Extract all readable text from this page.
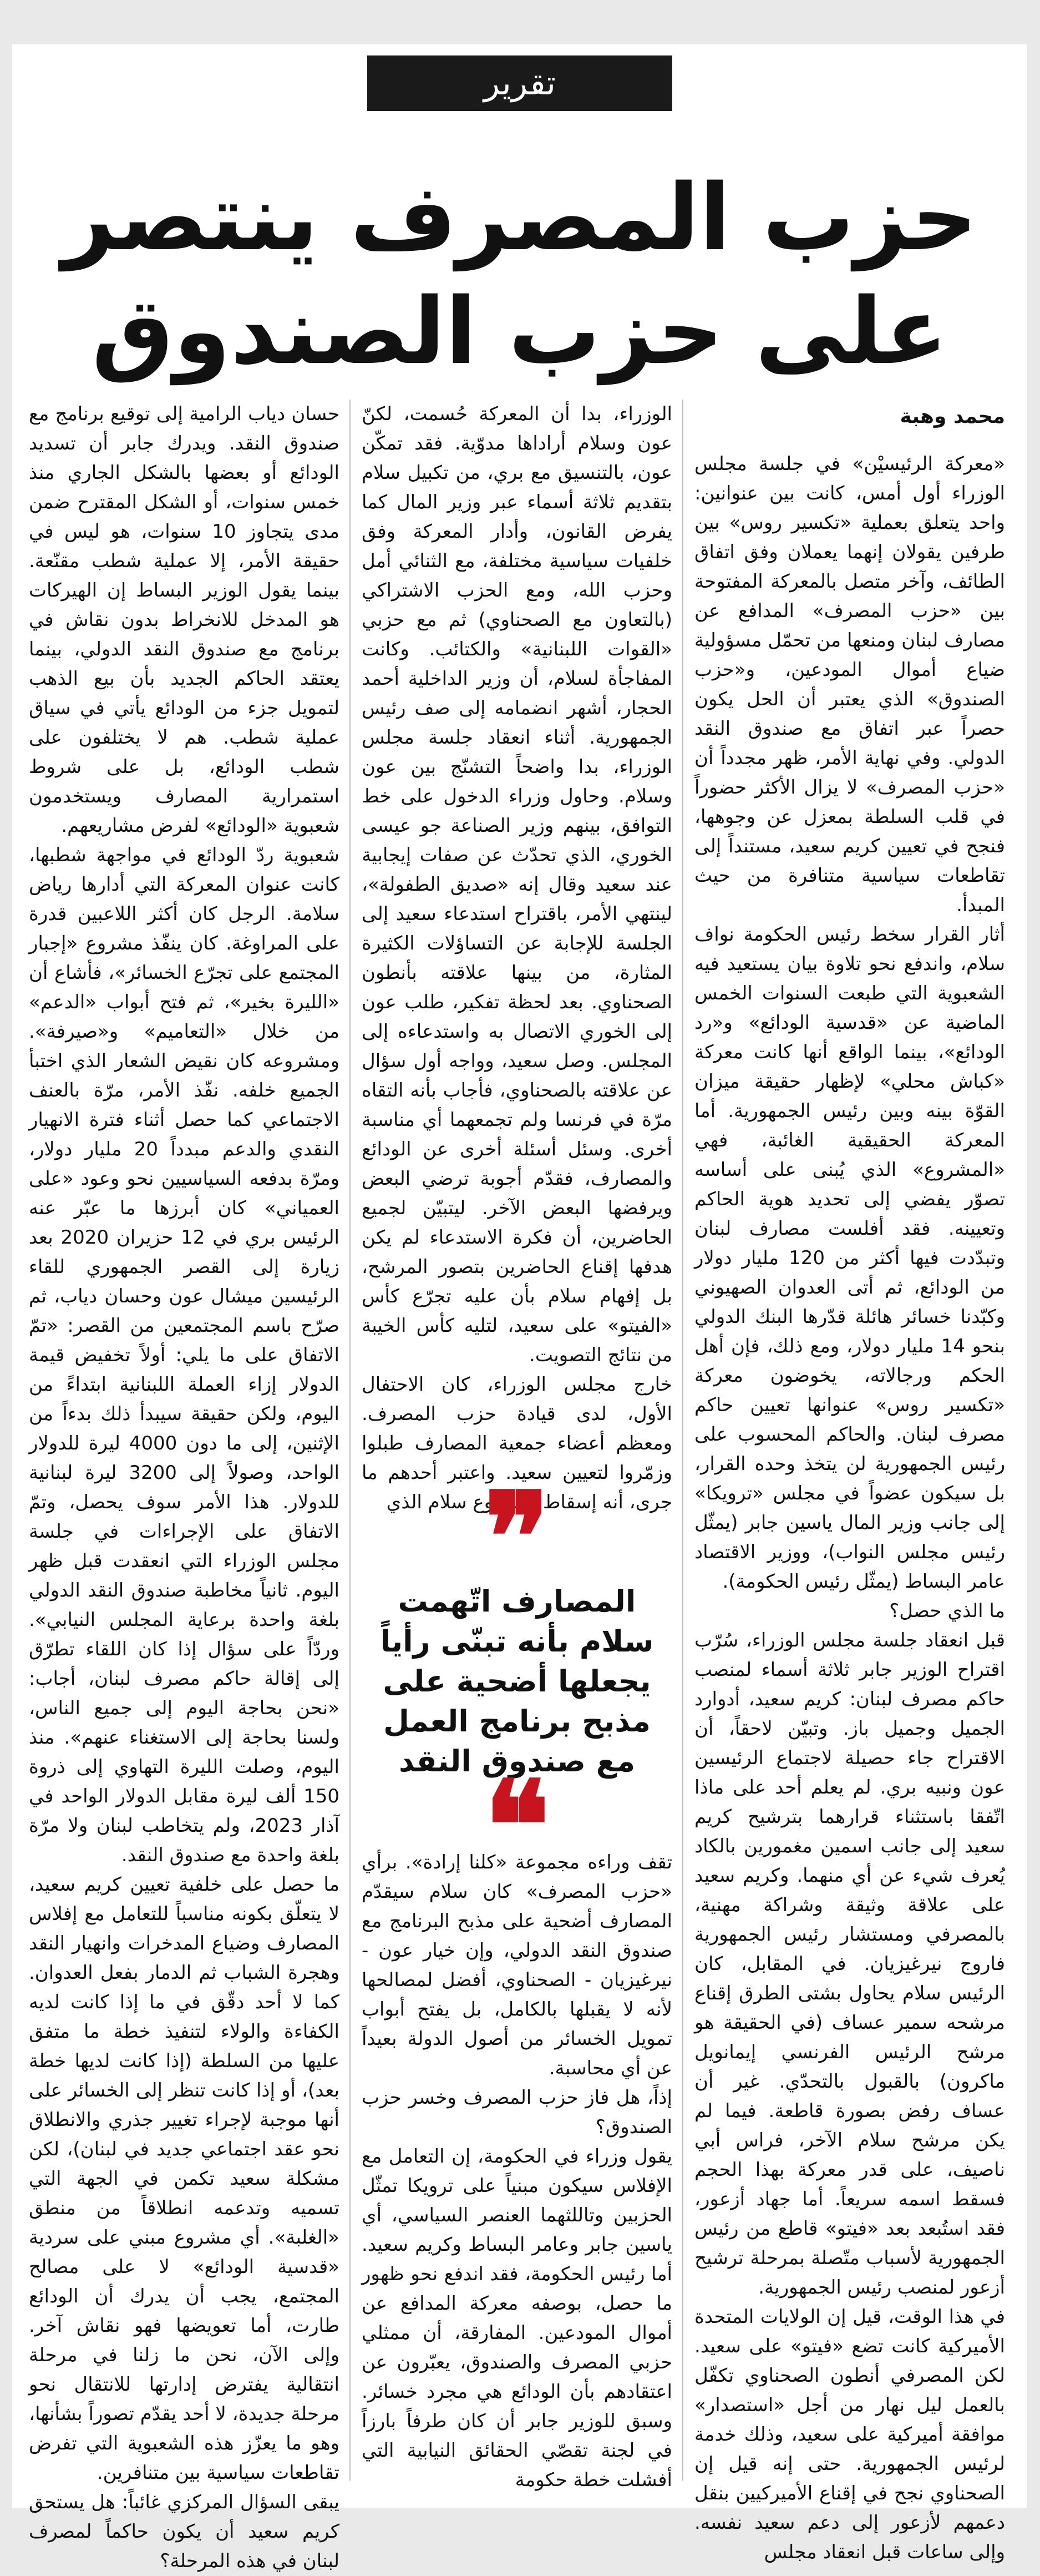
تقرير
حزب المصرف ينتصر
على حزب الصندوق
محمد وهبة

«معركة الرئيسيْن» في جلسة مجلس الوزراء أول أمس، كانت بين عنوانين: واحد يتعلق بعملية «تكسير روس» بين طرفين يقولان إنهما يعملان وفق اتفاق الطائف، وآخر متصل بالمعركة المفتوحة بين «حزب المصرف» المدافع عن مصارف لبنان ومنعها من تحمّل مسؤولية ضياع أموال المودعين، و«حزب الصندوق» الذي يعتبر أن الحل يكون حصراً عبر اتفاق مع صندوق النقد الدولي. وفي نهاية الأمر، ظهر مجدداً أن «حزب المصرف» لا يزال الأكثر حضوراً في قلب السلطة بمعزل عن وجوهها، فنجح في تعيين كريم سعيد، مستنداً إلى تقاطعات سياسية متنافرة من حيث المبدأ.
أثار القرار سخط رئيس الحكومة نواف سلام، واندفع نحو تلاوة بيان يستعيد فيه الشعبوية التي طبعت السنوات الخمس الماضية عن «قدسية الودائع» و«رد الودائع»، بينما الواقع أنها كانت معركة «كباش محلي» لإظهار حقيقة ميزان القوّة بينه وبين رئيس الجمهورية. أما المعركة الحقيقية الغائبة، فهي «المشروع» الذي يُبنى على أساسه تصوّر يفضي إلى تحديد هوية الحاكم وتعيينه. فقد أفلست مصارف لبنان وتبدّدت فيها أكثر من 120 مليار دولار من الودائع، ثم أتى العدوان الصهيوني وكبّدنا خسائر هائلة قدّرها البنك الدولي بنحو 14 مليار دولار، ومع ذلك، فإن أهل الحكم ورجالاته، يخوضون معركة «تكسير روس» عنوانها تعيين حاكم مصرف لبنان. والحاكم المحسوب على رئيس الجمهورية لن يتخذ وحده القرار، بل سيكون عضواً في مجلس «ترويكا» إلى جانب وزير المال ياسين جابر (يمثّل رئيس مجلس النواب)، ووزير الاقتصاد عامر البساط (يمثّل رئيس الحكومة).
ما الذي حصل؟
قبل انعقاد جلسة مجلس الوزراء، سُرّب اقتراح الوزير جابر ثلاثة أسماء لمنصب حاكم مصرف لبنان: كريم سعيد، أدوارد الجميل وجميل باز. وتبيّن لاحقاً، أن الاقتراح جاء حصيلة لاجتماع الرئيسين عون ونبيه بري. لم يعلم أحد على ماذا اتّفقا باستثناء قرارهما بترشيح كريم سعيد إلى جانب اسمين مغمورين بالكاد يُعرف شيء عن أي منهما. وكريم سعيد على علاقة وثيقة وشراكة مهنية، بالمصرفي ومستشار رئيس الجمهورية فاروج نيرغيزيان. في المقابل، كان الرئيس سلام يحاول بشتى الطرق إقناع مرشحه سمير عساف (في الحقيقة هو مرشح الرئيس الفرنسي إيمانويل ماكرون) بالقبول بالتحدّي. غير أن عساف رفض بصورة قاطعة. فيما لم يكن مرشح سلام الآخر، فراس أبي ناصيف، على قدر معركة بهذا الحجم فسقط اسمه سريعاً. أما جهاد أزعور، فقد استُبعد بعد «فيتو» قاطع من رئيس الجمهورية لأسباب متّصلة بمرحلة ترشيح أزعور لمنصب رئيس الجمهورية.
في هذا الوقت، قيل إن الولايات المتحدة الأميركية كانت تضع «فيتو» على سعيد. لكن المصرفي أنطون الصحناوي تكفّل بالعمل ليل نهار من أجل «استصدار» موافقة أميركية على سعيد، وذلك خدمة لرئيس الجمهورية. حتى إنه قيل إن الصحناوي نجح في إقناع الأميركيين بنقل دعمهم لأزعور إلى دعم سعيد نفسه. وإلى ساعات قبل انعقاد مجلس

الوزراء، بدا أن المعركة حُسمت، لكنّ عون وسلام أراداها مدوّية. فقد تمكّن عون، بالتنسيق مع بري، من تكبيل سلام بتقديم ثلاثة أسماء عبر وزير المال كما يفرض القانون، وأدار المعركة وفق خلفيات سياسية مختلفة، مع الثنائي أمل وحزب الله، ومع الحزب الاشتراكي (بالتعاون مع الصحناوي) ثم مع حزبي «القوات اللبنانية» والكتائب. وكانت المفاجأة لسلام، أن وزير الداخلية أحمد الحجار، أشهر انضمامه إلى صف رئيس الجمهورية. أثناء انعقاد جلسة مجلس الوزراء، بدا واضحاً التشنّج بين عون وسلام. وحاول وزراء الدخول على خط التوافق، بينهم وزير الصناعة جو عيسى الخوري، الذي تحدّث عن صفات إيجابية عند سعيد وقال إنه «صديق الطفولة»، لينتهي الأمر، باقتراح استدعاء سعيد إلى الجلسة للإجابة عن التساؤلات الكثيرة المثارة، من بينها علاقته بأنطون الصحناوي. بعد لحظة تفكير، طلب عون إلى الخوري الاتصال به واستدعاءه إلى المجلس. وصل سعيد، وواجه أول سؤال عن علاقته بالصحناوي، فأجاب بأنه التقاه مرّة في فرنسا ولم تجمعهما أي مناسبة أخرى. وسئل أسئلة أخرى عن الودائع والمصارف، فقدّم أجوبة ترضي البعض ويرفضها البعض الآخر. ليتبيّن لجميع الحاضرين، أن فكرة الاستدعاء لم يكن هدفها إقناع الحاضرين بتصور المرشح، بل إفهام سلام بأن عليه تجرّع كأس «الفيتو» على سعيد، لتليه كأس الخيبة من نتائج التصويت.
خارج مجلس الوزراء، كان الاحتفال الأول، لدى قيادة حزب المصرف. ومعظم أعضاء جمعية المصارف طبلوا وزمّروا لتعيين سعيد. واعتبر أحدهم ما جرى، أنه إسقاط لمشروع سلام الذي ❞
المصارف اتّهمت سلام بأنه تبنّى رأياً يجعلها أضحية على مذبح برنامج العمل مع صندوق النقد
❝	تقف وراءه مجموعة «كلنا إرادة». برأي «حزب المصرف» كان سلام سيقدّم المصارف أضحية على مذبح البرنامج مع صندوق النقد الدولي، وإن خيار عون - نيرغيزيان - الصحناوي، أفضل لمصالحها لأنه لا يقبلها بالكامل، بل يفتح أبواب تمويل الخسائر من أصول الدولة بعيداً عن أي محاسبة.
إذاً، هل فاز حزب المصرف وخسر حزب الصندوق؟
يقول وزراء في الحكومة، إن التعامل مع الإفلاس سيكون مبنياً على ترويكا تمثّل الحزبين وتاللثهما العنصر السياسي، أي ياسين جابر وعامر البساط وكريم سعيد. أما رئيس الحكومة، فقد اندفع نحو ظهور ما حصل، بوصفه معركة المدافع عن أموال المودعين. المفارقة، أن ممثلي حزبي المصرف والصندوق، يعبّرون عن اعتقادهم بأن الودائع هي مجرد خسائر. وسبق للوزير جابر أن كان طرفاً بارزاً في لجنة تقصّي الحقائق النيابية التي أفشلت خطة حكومة

حسان دياب الرامية إلى توقيع برنامج مع صندوق النقد. ويدرك جابر أن تسديد الودائع أو بعضها بالشكل الجاري منذ خمس سنوات، أو الشكل المقترح ضمن مدى يتجاوز 10 سنوات، هو ليس في حقيقة الأمر، إلا عملية شطب مقنّعة. بينما يقول الوزير البساط إن الهيركات هو المدخل للانخراط بدون نقاش في برنامج مع صندوق النقد الدولي، بينما يعتقد الحاكم الجديد بأن بيع الذهب لتمويل جزء من الودائع يأتي في سياق عملية شطب. هم لا يختلفون على شطب الودائع، بل على شروط استمرارية المصارف ويستخدمون شعبوية «الودائع» لفرض مشاريعهم.
شعبوية ردّ الودائع في مواجهة شطبها، كانت عنوان المعركة التي أدارها رياض سلامة. الرجل كان أكثر اللاعبين قدرة على المراوغة. كان ينفّذ مشروع «إجبار المجتمع على تجرّع الخسائر»، فأشاع أن «الليرة بخير»، ثم فتح أبواب «الدعم» من خلال «التعاميم» و«صيرفة». ومشروعه كان نقيض الشعار الذي اختبأ الجميع خلفه. نفّذ الأمر، مرّة بالعنف الاجتماعي كما حصل أثناء فترة الانهيار النقدي والدعم مبدداً 20 مليار دولار، ومرّة بدفعه السياسيين نحو وعود «على العمياني» كان أبرزها ما عبّر عنه الرئيس بري في 12 حزيران 2020 بعد زيارة إلى القصر الجمهوري للقاء الرئيسين ميشال عون وحسان دياب، ثم صرّح باسم المجتمعين من القصر: «تمّ الاتفاق على ما يلي: أولاً تخفيض قيمة الدولار إزاء العملة اللبنانية ابتداءً من اليوم، ولكن حقيقة سيبدأ ذلك بدءاً من الإثنين، إلى ما دون 4000 ليرة للدولار الواحد، وصولاً إلى 3200 ليرة لبنانية للدولار. هذا الأمر سوف يحصل، وتمّ الاتفاق على الإجراءات في جلسة مجلس الوزراء التي انعقدت قبل ظهر اليوم. ثانياً مخاطبة صندوق النقد الدولي بلغة واحدة برعاية المجلس النيابي». وردّاً على سؤال إذا كان اللقاء تطرّق إلى إقالة حاكم مصرف لبنان، أجاب: «نحن بحاجة اليوم إلى جميع الناس، ولسنا بحاجة إلى الاستغناء عنهم». منذ اليوم، وصلت الليرة التهاوي إلى ذروة 150 ألف ليرة مقابل الدولار الواحد في آذار 2023، ولم يتخاطب لبنان ولا مرّة بلغة واحدة مع صندوق النقد.
ما حصل على خلفية تعيين كريم سعيد، لا يتعلّق بكونه مناسباً للتعامل مع إفلاس المصارف وضياع المدخرات وانهيار النقد وهجرة الشباب ثم الدمار بفعل العدوان. كما لا أحد دقّق في ما إذا كانت لديه الكفاءة والولاء لتنفيذ خطة ما متفق عليها من السلطة (إذا كانت لديها خطة بعد)، أو إذا كانت تنظر إلى الخسائر على أنها موجبة لإجراء تغيير جذري والانطلاق نحو عقد اجتماعي جديد في لبنان)، لكن مشكلة سعيد تكمن في الجهة التي تسميه وتدعمه انطلاقاً من منطق «الغلبة». أي مشروع مبني على سردية «قدسية الودائع» لا على مصالح المجتمع، يجب أن يدرك أن الودائع طارت، أما تعويضها فهو نقاش آخر. وإلى الآن، نحن ما زلنا في مرحلة انتقالية يفترض إدارتها للانتقال نحو مرحلة جديدة، لا أحد يقدّم تصوراً بشأنها، وهو ما يعزّز هذه الشعبوية التي تفرض تقاطعات سياسية بين متنافرين.
يبقى السؤال المركزي غائباً: هل يستحق كريم سعيد أن يكون حاكماً لمصرف لبنان في هذه المرحلة؟
